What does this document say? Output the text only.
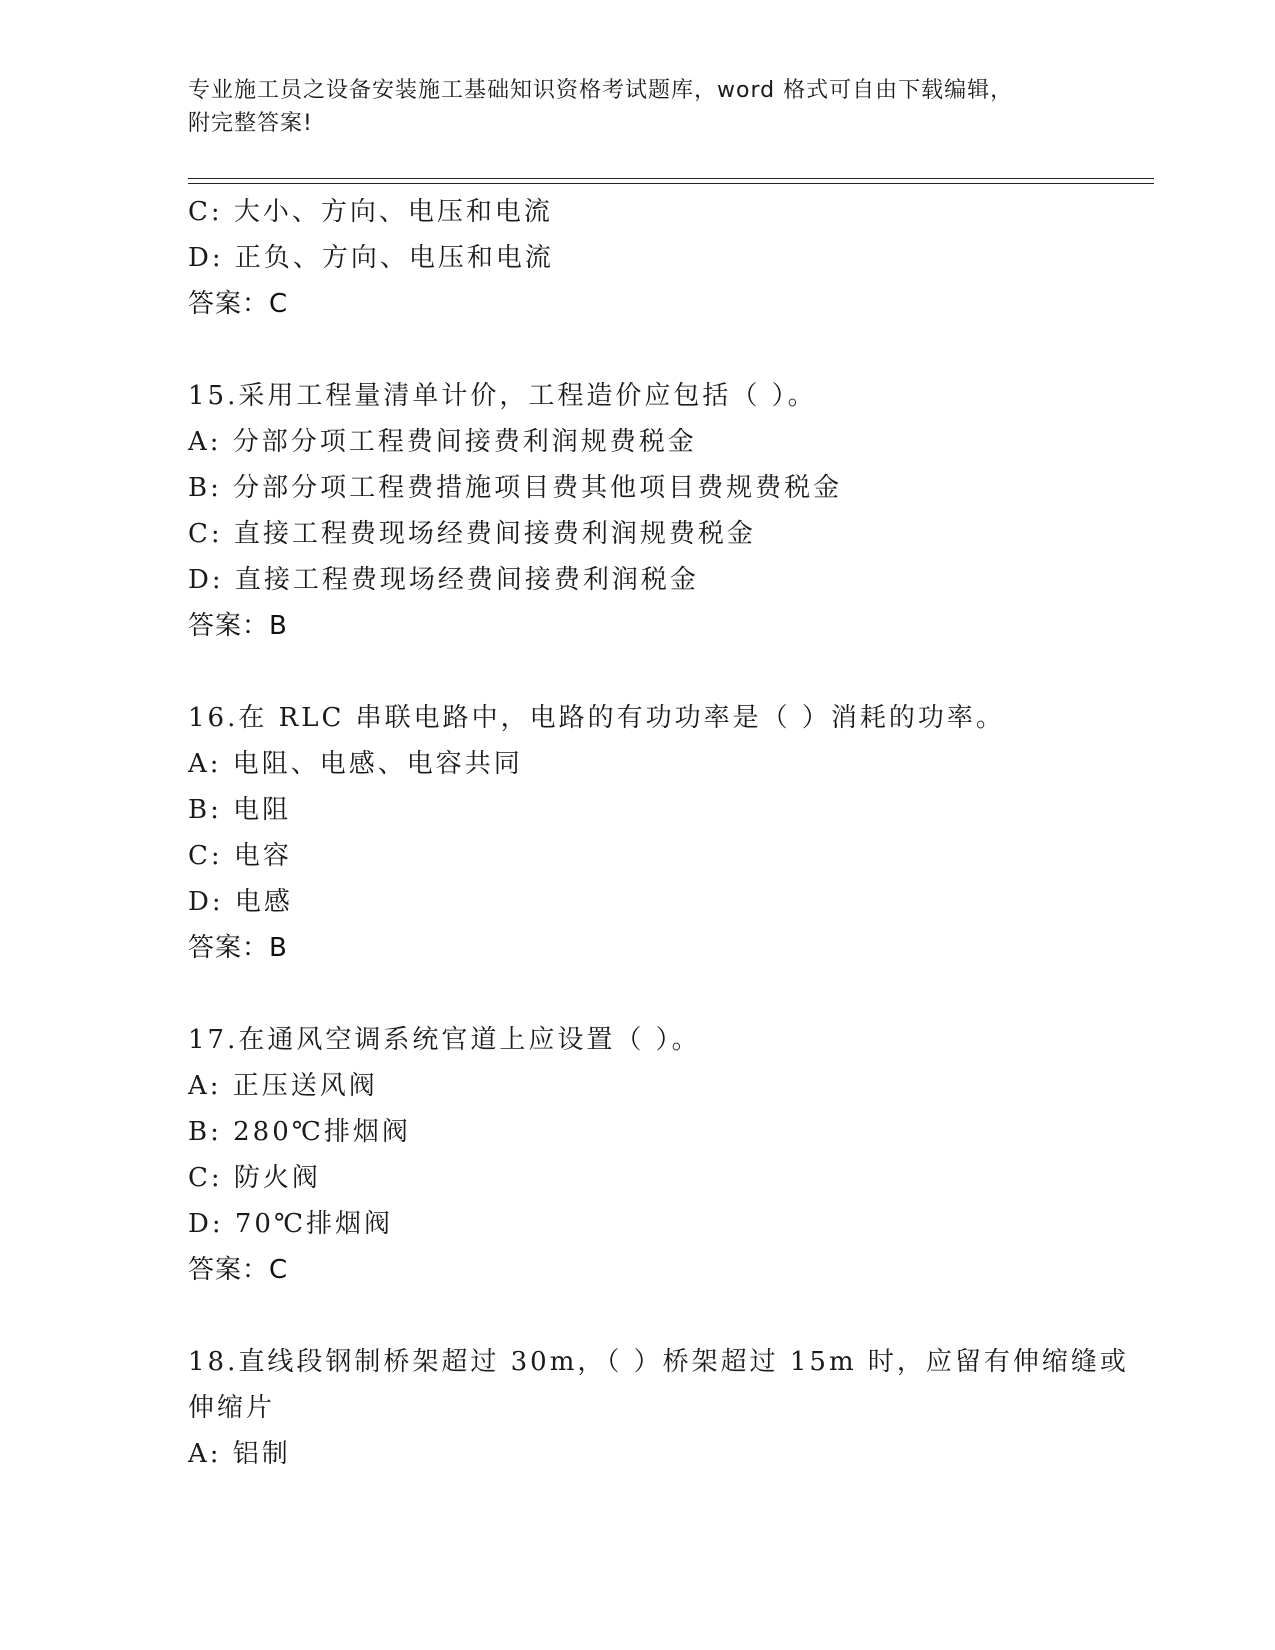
专业施工员之设备安装施工基础知识资格考试题库，word 格式可自由下载编辑，
附完整答案!
C: 大小、方向、电压和电流
D: 正负、方向、电压和电流
答案：C
15.采用工程量清单计价，工程造价应包括（ ）。
A: 分部分项工程费间接费利润规费税金
B: 分部分项工程费措施项目费其他项目费规费税金
C: 直接工程费现场经费间接费利润规费税金
D: 直接工程费现场经费间接费利润税金
答案：B
16.在 RLC 串联电路中，电路的有功功率是（ ）消耗的功率。
A: 电阻、电感、电容共同
B: 电阻
C: 电容
D: 电感
答案：B
17.在通风空调系统官道上应设置（ ）。
A: 正压送风阀
B: 280℃排烟阀
C: 防火阀
D: 70℃排烟阀
答案：C
18.直线段钢制桥架超过 30m，（ ）桥架超过 15m 时，应留有伸缩缝或
伸缩片
A: 铝制
